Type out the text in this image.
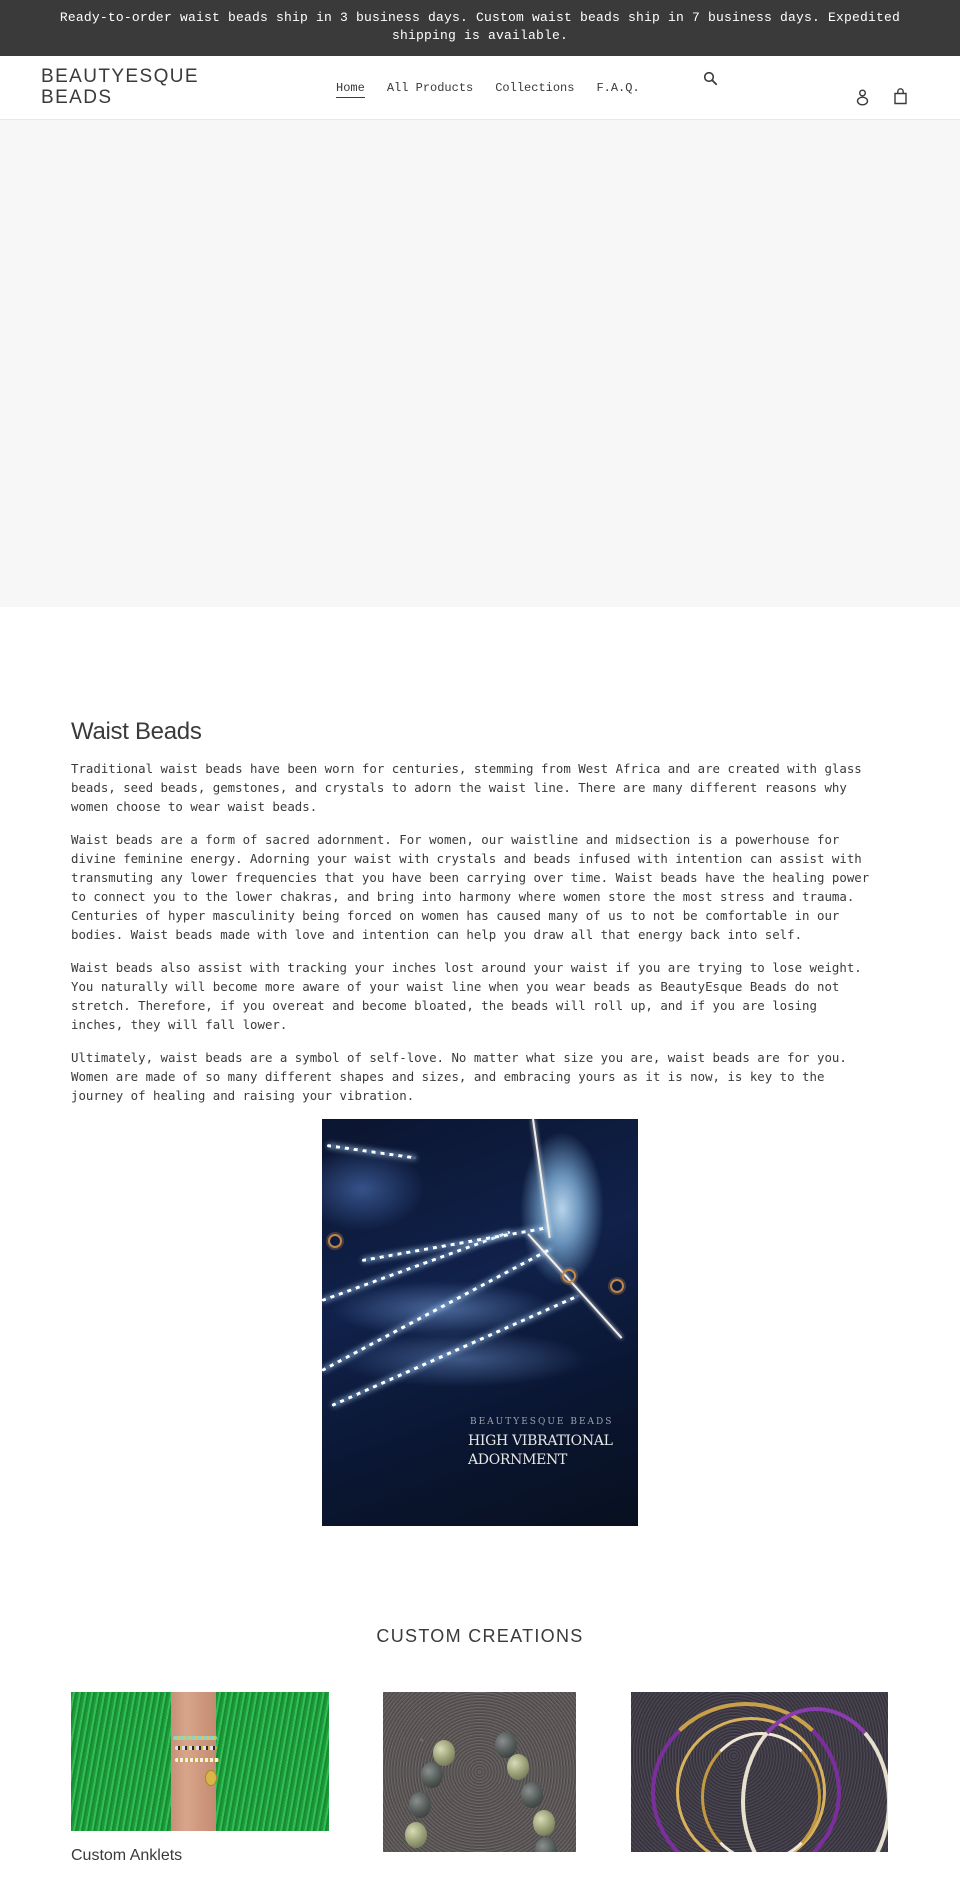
Ready-to-order waist beads ship in 3 business days. Custom waist beads ship in 7 business days. Expedited shipping is available.
BEAUTYESQUE BEADS	Home	All Products	Collections	F.A.Q.
Waist Beads

Traditional waist beads have been worn for centuries, stemming from West Africa and are created with glass beads, seed beads, gemstones, and crystals to adorn the waist line. There are many different reasons why women choose to wear waist beads.

Waist beads are a form of sacred adornment. For women, our waistline and midsection is a powerhouse for divine feminine energy. Adorning your waist with crystals and beads infused with intention can assist with transmuting any lower frequencies that you have been carrying over time. Waist beads have the healing power to connect you to the lower chakras, and bring into harmony where women store the most stress and trauma. Centuries of hyper masculinity being forced on women has caused many of us to not be comfortable in our bodies. Waist beads made with love and intention can help you draw all that energy back into self.

Waist beads also assist with tracking your inches lost around your waist if you are trying to lose weight. You naturally will become more aware of your waist line when you wear beads as BeautyEsque Beads do not stretch. Therefore, if you overeat and become bloated, the beads will roll up, and if you are losing inches, they will fall lower.

Ultimately, waist beads are a symbol of self-love. No matter what size you are, waist beads are for you. Women are made of so many different shapes and sizes, and embracing yours as it is now, is key to the journey of healing and raising your vibration.

BEAUTYESQUE BEADS
HIGH VIBRATIONAL
ADORNMENT
CUSTOM CREATIONS
Custom Anklets
